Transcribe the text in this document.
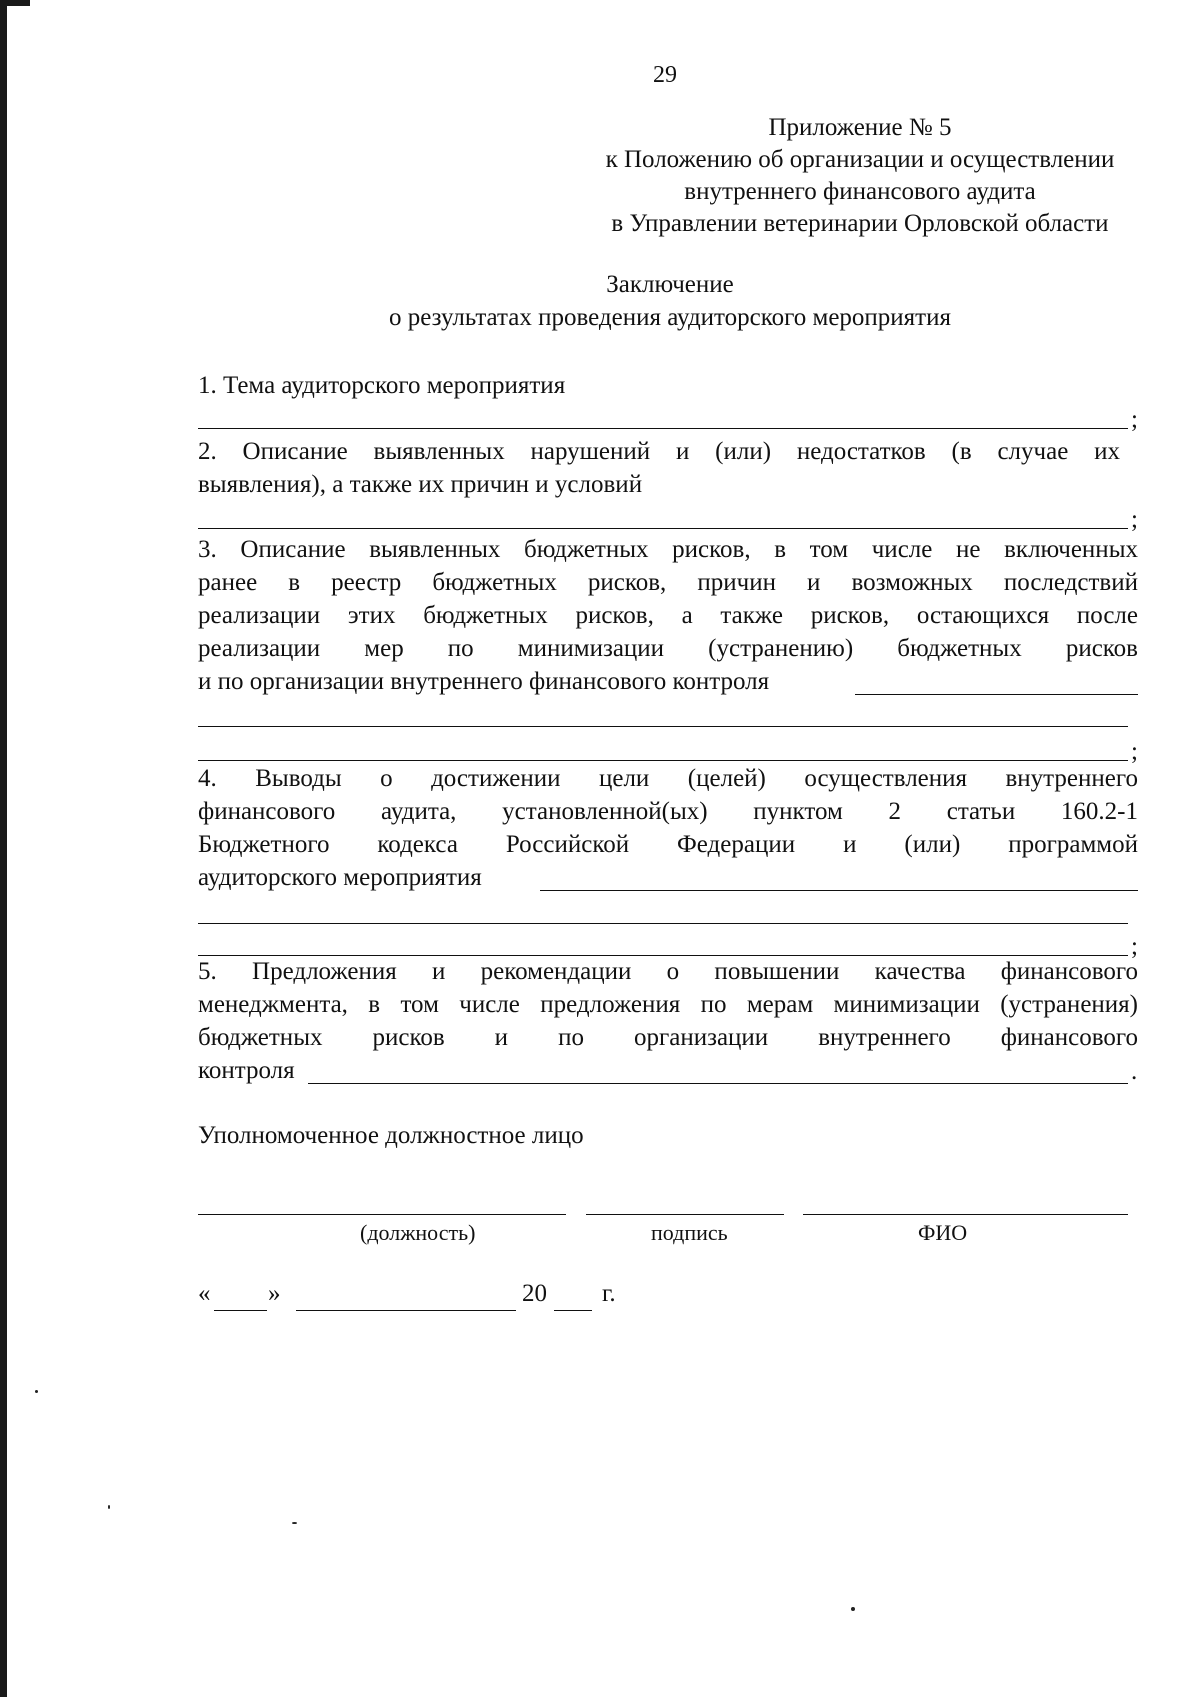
29
Приложение № 5
к Положению об организации и осуществлении
внутреннего финансового аудита
в Управлении ветеринарии Орловской области
Заключение
о результатах проведения аудиторского мероприятия
1. Тема аудиторского мероприятия
;
2. Описание выявленных нарушений и (или) недостатков (в случае их
выявления), а также их причин и условий
;
3. Описание выявленных бюджетных рисков, в том числе не включенных
ранее в реестр бюджетных рисков, причин и возможных последствий
реализации этих бюджетных рисков, а также рисков, остающихся после
реализации мер по минимизации (устранению) бюджетных рисков
и по организации внутреннего финансового контроля
;
4. Выводы о достижении цели (целей) осуществления внутреннего
финансового аудита, установленной(ых) пунктом 2 статьи 160.2-1
Бюджетного кодекса Российской Федерации и (или) программой
аудиторского мероприятия
;
5. Предложения и рекомендации о повышении качества финансового
менеджмента, в том числе предложения по мерам минимизации (устранения)
бюджетных рисков и по организации внутреннего финансового
контроля	.
Уполномоченное должностное лицо
(должность)	подпись	ФИО
« »	20 г.
